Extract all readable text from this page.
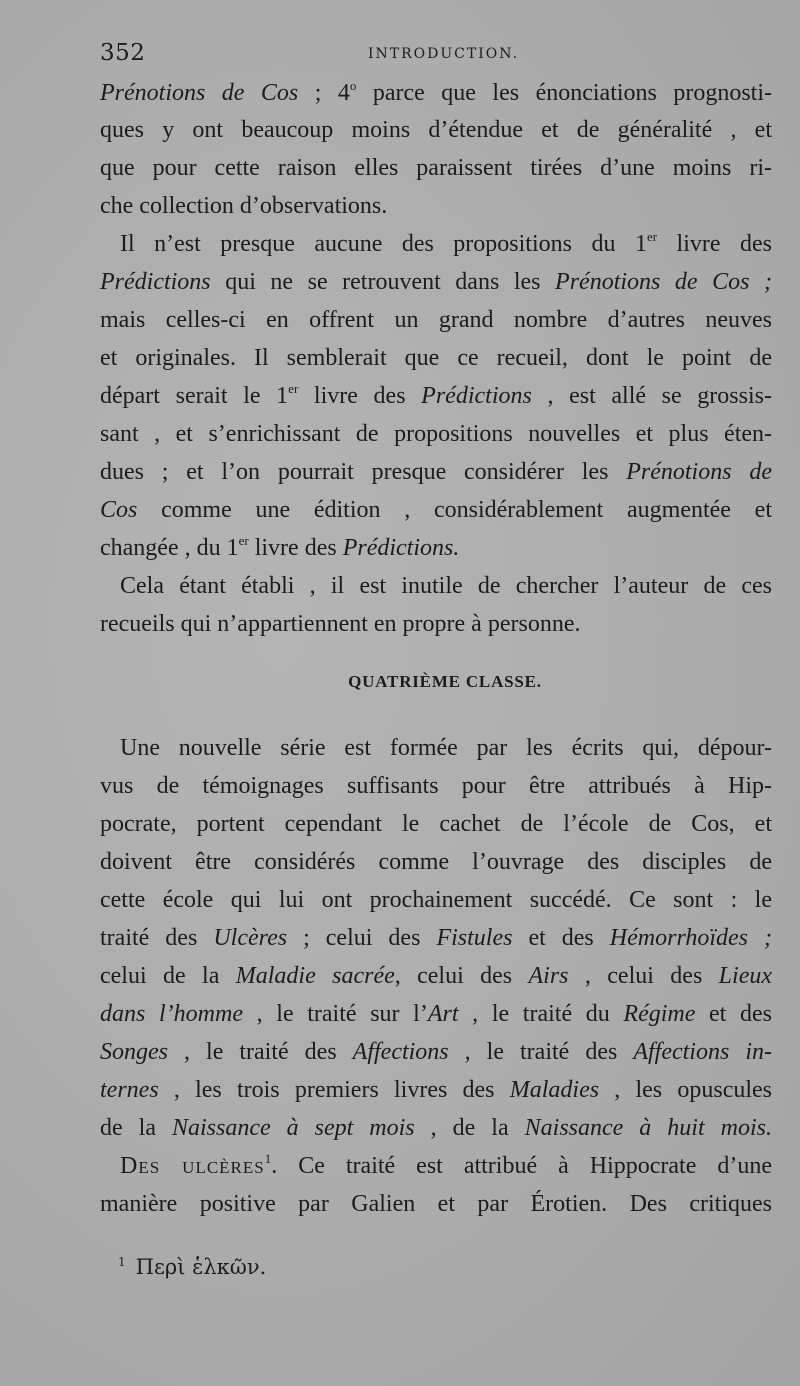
352	INTRODUCTION.
Prénotions de Cos ; 4$^o$ parce que les énonciations prognosti-
ques y ont beaucoup moins d’étendue et de généralité , et
que pour cette raison elles paraissent tirées d’une moins ri-
che collection d’observations.
Il n’est presque aucune des propositions du 1er livre des
Prédictions qui ne se retrouvent dans les Prénotions de Cos ;
mais celles-ci en offrent un grand nombre d’autres neuves
et originales. Il semblerait que ce recueil, dont le point de
départ serait le 1er livre des Prédictions , est allé se grossis-
sant , et s’enrichissant de propositions nouvelles et plus éten-
dues ; et l’on pourrait presque considérer les Prénotions de
Cos comme une édition , considérablement augmentée et
changée , du 1er livre des Prédictions.
Cela étant établi , il est inutile de chercher l’auteur de ces
recueils qui n’appartiennent en propre à personne.
QUATRIÈME CLASSE.
Une nouvelle série est formée par les écrits qui, dépour-
vus de témoignages suffisants pour être attribués à Hip-
pocrate, portent cependant le cachet de l’école de Cos, et
doivent être considérés comme l’ouvrage des disciples de
cette école qui lui ont prochainement succédé. Ce sont : le
traité des Ulcères ; celui des Fistules et des Hémorrhoïdes ;
celui de la Maladie sacrée, celui des Airs , celui des Lieux
dans l’homme , le traité sur l’Art , le traité du Régime et des
Songes , le traité des Affections , le traité des Affections in-
ternes , les trois premiers livres des Maladies , les opuscules
de la Naissance à sept mois , de la Naissance à huit mois.
Des ulcères$^1$. Ce traité est attribué à Hippocrate d’une
manière positive par Galien et par Érotien. Des critiques
$^1$ Περὶ ἑλκῶν.
